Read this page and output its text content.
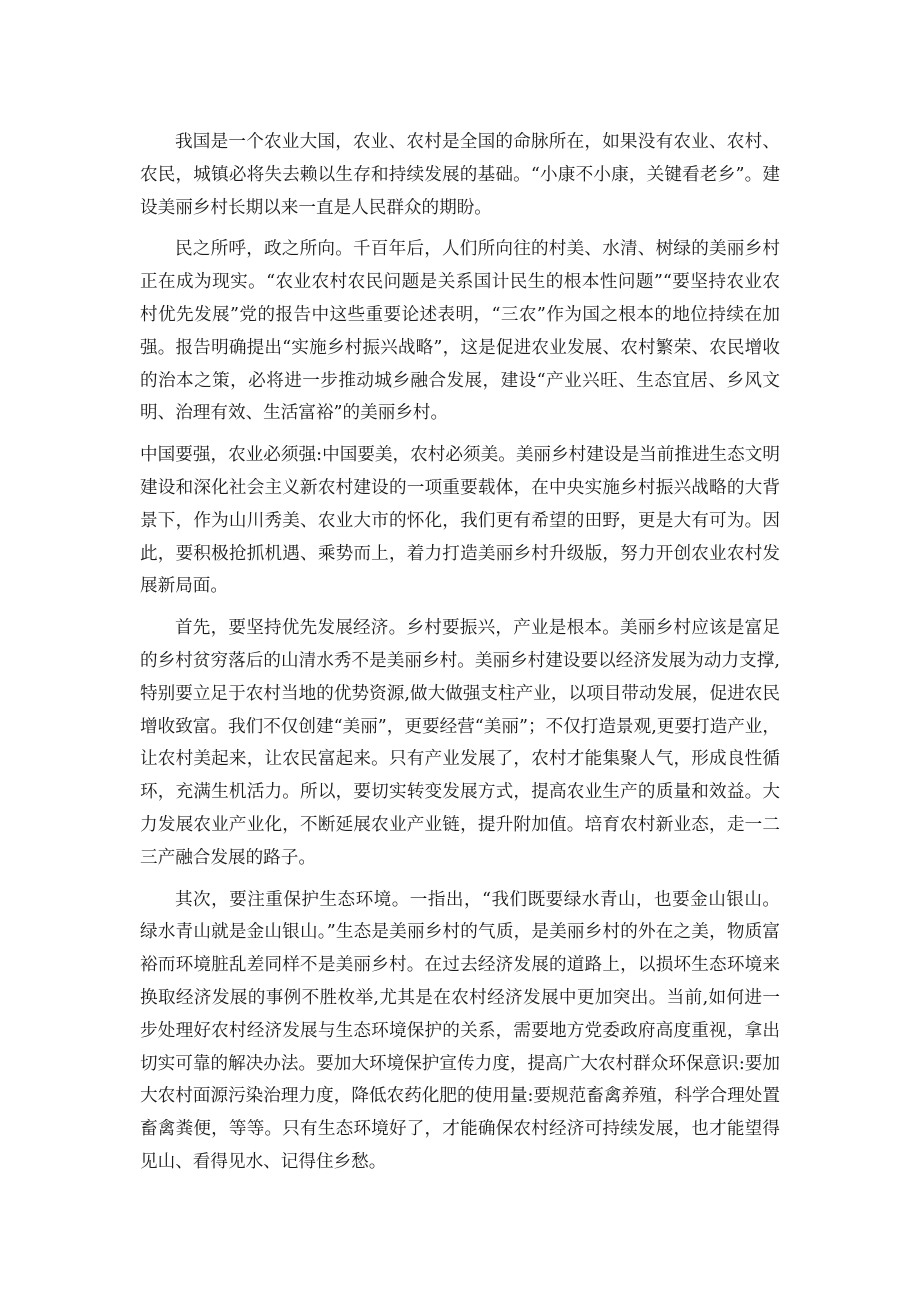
我国是一个农业大国，农业、农村是全国的命脉所在，如果没有农业、农村、农民，城镇必将失去赖以生存和持续发展的基础。“小康不小康，关键看老乡”。建设美丽乡村长期以来一直是人民群众的期盼。

民之所呼，政之所向。千百年后，人们所向往的村美、水清、树绿的美丽乡村正在成为现实。“农业农村农民问题是关系国计民生的根本性问题”“要坚持农业农村优先发展”党的报告中这些重要论述表明，“三农”作为国之根本的地位持续在加强。报告明确提出“实施乡村振兴战略”，这是促进农业发展、农村繁荣、农民增收的治本之策，必将进一步推动城乡融合发展，建设“产业兴旺、生态宜居、乡风文明、治理有效、生活富裕”的美丽乡村。

中国要强，农业必须强:中国要美，农村必须美。美丽乡村建设是当前推进生态文明建设和深化社会主义新农村建设的一项重要载体，在中央实施乡村振兴战略的大背景下，作为山川秀美、农业大市的怀化，我们更有希望的田野，更是大有可为。因此，要积极抢抓机遇、乘势而上，着力打造美丽乡村升级版，努力开创农业农村发展新局面。

首先，要坚持优先发展经济。乡村要振兴，产业是根本。美丽乡村应该是富足的乡村贫穷落后的山清水秀不是美丽乡村。美丽乡村建设要以经济发展为动力支撑,特别要立足于农村当地的优势资源,做大做强支柱产业，以项目带动发展，促进农民增收致富。我们不仅创建“美丽”，更要经营“美丽”；不仅打造景观,更要打造产业，让农村美起来，让农民富起来。只有产业发展了，农村才能集聚人气，形成良性循环，充满生机活力。所以，要切实转变发展方式，提高农业生产的质量和效益。大力发展农业产业化，不断延展农业产业链，提升附加值。培育农村新业态，走一二三产融合发展的路子。

其次，要注重保护生态环境。一指出，“我们既要绿水青山，也要金山银山。绿水青山就是金山银山。”生态是美丽乡村的气质，是美丽乡村的外在之美，物质富裕而环境脏乱差同样不是美丽乡村。在过去经济发展的道路上，以损坏生态环境来换取经济发展的事例不胜枚举,尤其是在农村经济发展中更加突出。当前,如何进一步处理好农村经济发展与生态环境保护的关系，需要地方党委政府高度重视，拿出切实可靠的解决办法。要加大环境保护宣传力度，提高广大农村群众环保意识:要加大农村面源污染治理力度，降低农药化肥的使用量:要规范畜禽养殖，科学合理处置畜禽粪便，等等。只有生态环境好了，才能确保农村经济可持续发展，也才能望得见山、看得见水、记得住乡愁。
